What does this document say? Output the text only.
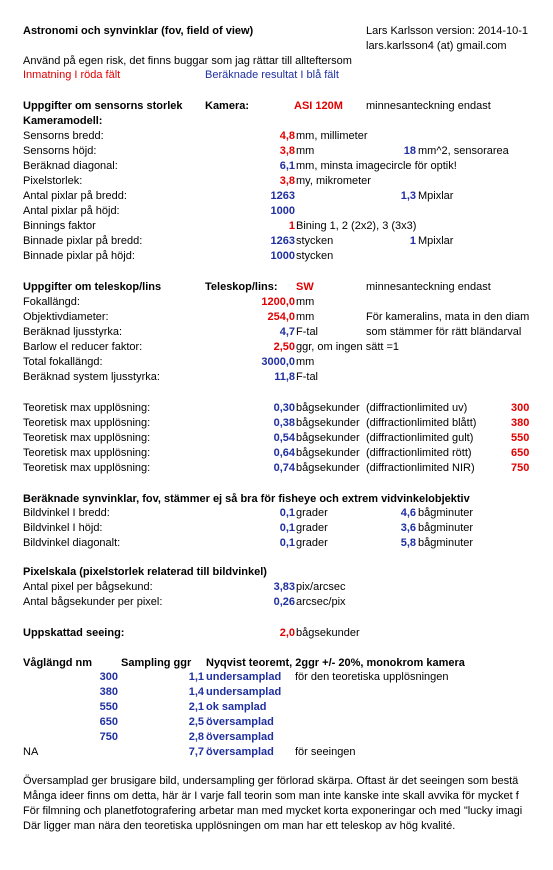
Astronomi och synvinklar (fov, field of view)	Lars Karlsson version: 2014-10-1
lars.karlsson4 (at) gmail.com
Använd på egen risk, det finns buggar som jag rättar till allteftersom
Inmatning I röda fält	Beräknade resultat I blå fält
Uppgifter om sensorns storlek Kamera:	ASI 120M minnesanteckning endast
Kameramodell:
Sensorns bredd:	4,8 mm, millimeter
Sensorns höjd:	3,8 mm	18 mm^2, sensorarea
Beräknad diagonal:	6,1 mm, minsta imagecircle för optik!
Pixelstorlek:	3,8 my, mikrometer
Antal pixlar på bredd:	1263	1,3 Mpixlar
Antal pixlar på höjd:	1000
Binnings faktor	1 Bining 1, 2 (2x2), 3 (3x3)
Binnade pixlar på bredd:	1263 stycken	1 Mpixlar
Binnade pixlar på höjd:	1000 stycken
Uppgifter om teleskop/lins	Teleskop/lins: SW	minnesanteckning endast
Fokallängd:	1200,0 mm
Objektivdiameter:	254,0 mm	För kameralins, mata in den diam
Beräknad ljusstyrka:	4,7 F-tal	som stämmer för rätt bländarval
Barlow el reducer faktor:	2,50 ggr, om ingen sätt =1
Total fokallängd:	3000,0 mm
Beräknad system ljusstyrka:	11,8 F-tal
Teoretisk max upplösning:	0,30 bågsekunder (diffractionlimited uv)	300
Teoretisk max upplösning:	0,38 bågsekunder (diffractionlimited blått)	380
Teoretisk max upplösning:	0,54 bågsekunder (diffractionlimited gult)	550
Teoretisk max upplösning:	0,64 bågsekunder (diffractionlimited rött)	650
Teoretisk max upplösning:	0,74 bågsekunder (diffractionlimited NIR)	750
Beräknade synvinklar, fov, stämmer ej så bra för fisheye och extrem vidvinkelobjektiv
Bildvinkel I bredd:	0,1 grader	4,6 bågminuter
Bildvinkel I höjd:	0,1 grader	3,6 bågminuter
Bildvinkel diagonalt:	0,1 grader	5,8 bågminuter
Pixelskala (pixelstorlek relaterad till bildvinkel)
Antal pixel per bågsekund:	3,83 pix/arcsec
Antal bågsekunder per pixel:	0,26 arcsec/pix
Uppskattad seeing:	2,0 bågsekunder
Våglängd nm	Sampling ggr Nyqvist teoremt, 2ggr +/- 20%, monokrom kamera
300	1,1 undersamplad för den teoretiska upplösningen
380	1,4 undersamplad
550	2,1 ok samplad
650	2,5 översamplad
750	2,8 översamplad
NA	7,7 översamplad för seeingen
Översamplad ger brusigare bild, undersampling ger förlorad skärpa. Oftast är det seeingen som bestä
Många ideer finns om detta, här är I varje fall teorin som man inte kanske inte skall avvika för mycket f
För filmning och planetfotografering arbetar man med mycket korta exponeringar och med "lucky imagi
Där ligger man nära den teoretiska upplösningen om man har ett teleskop av hög kvalité.
